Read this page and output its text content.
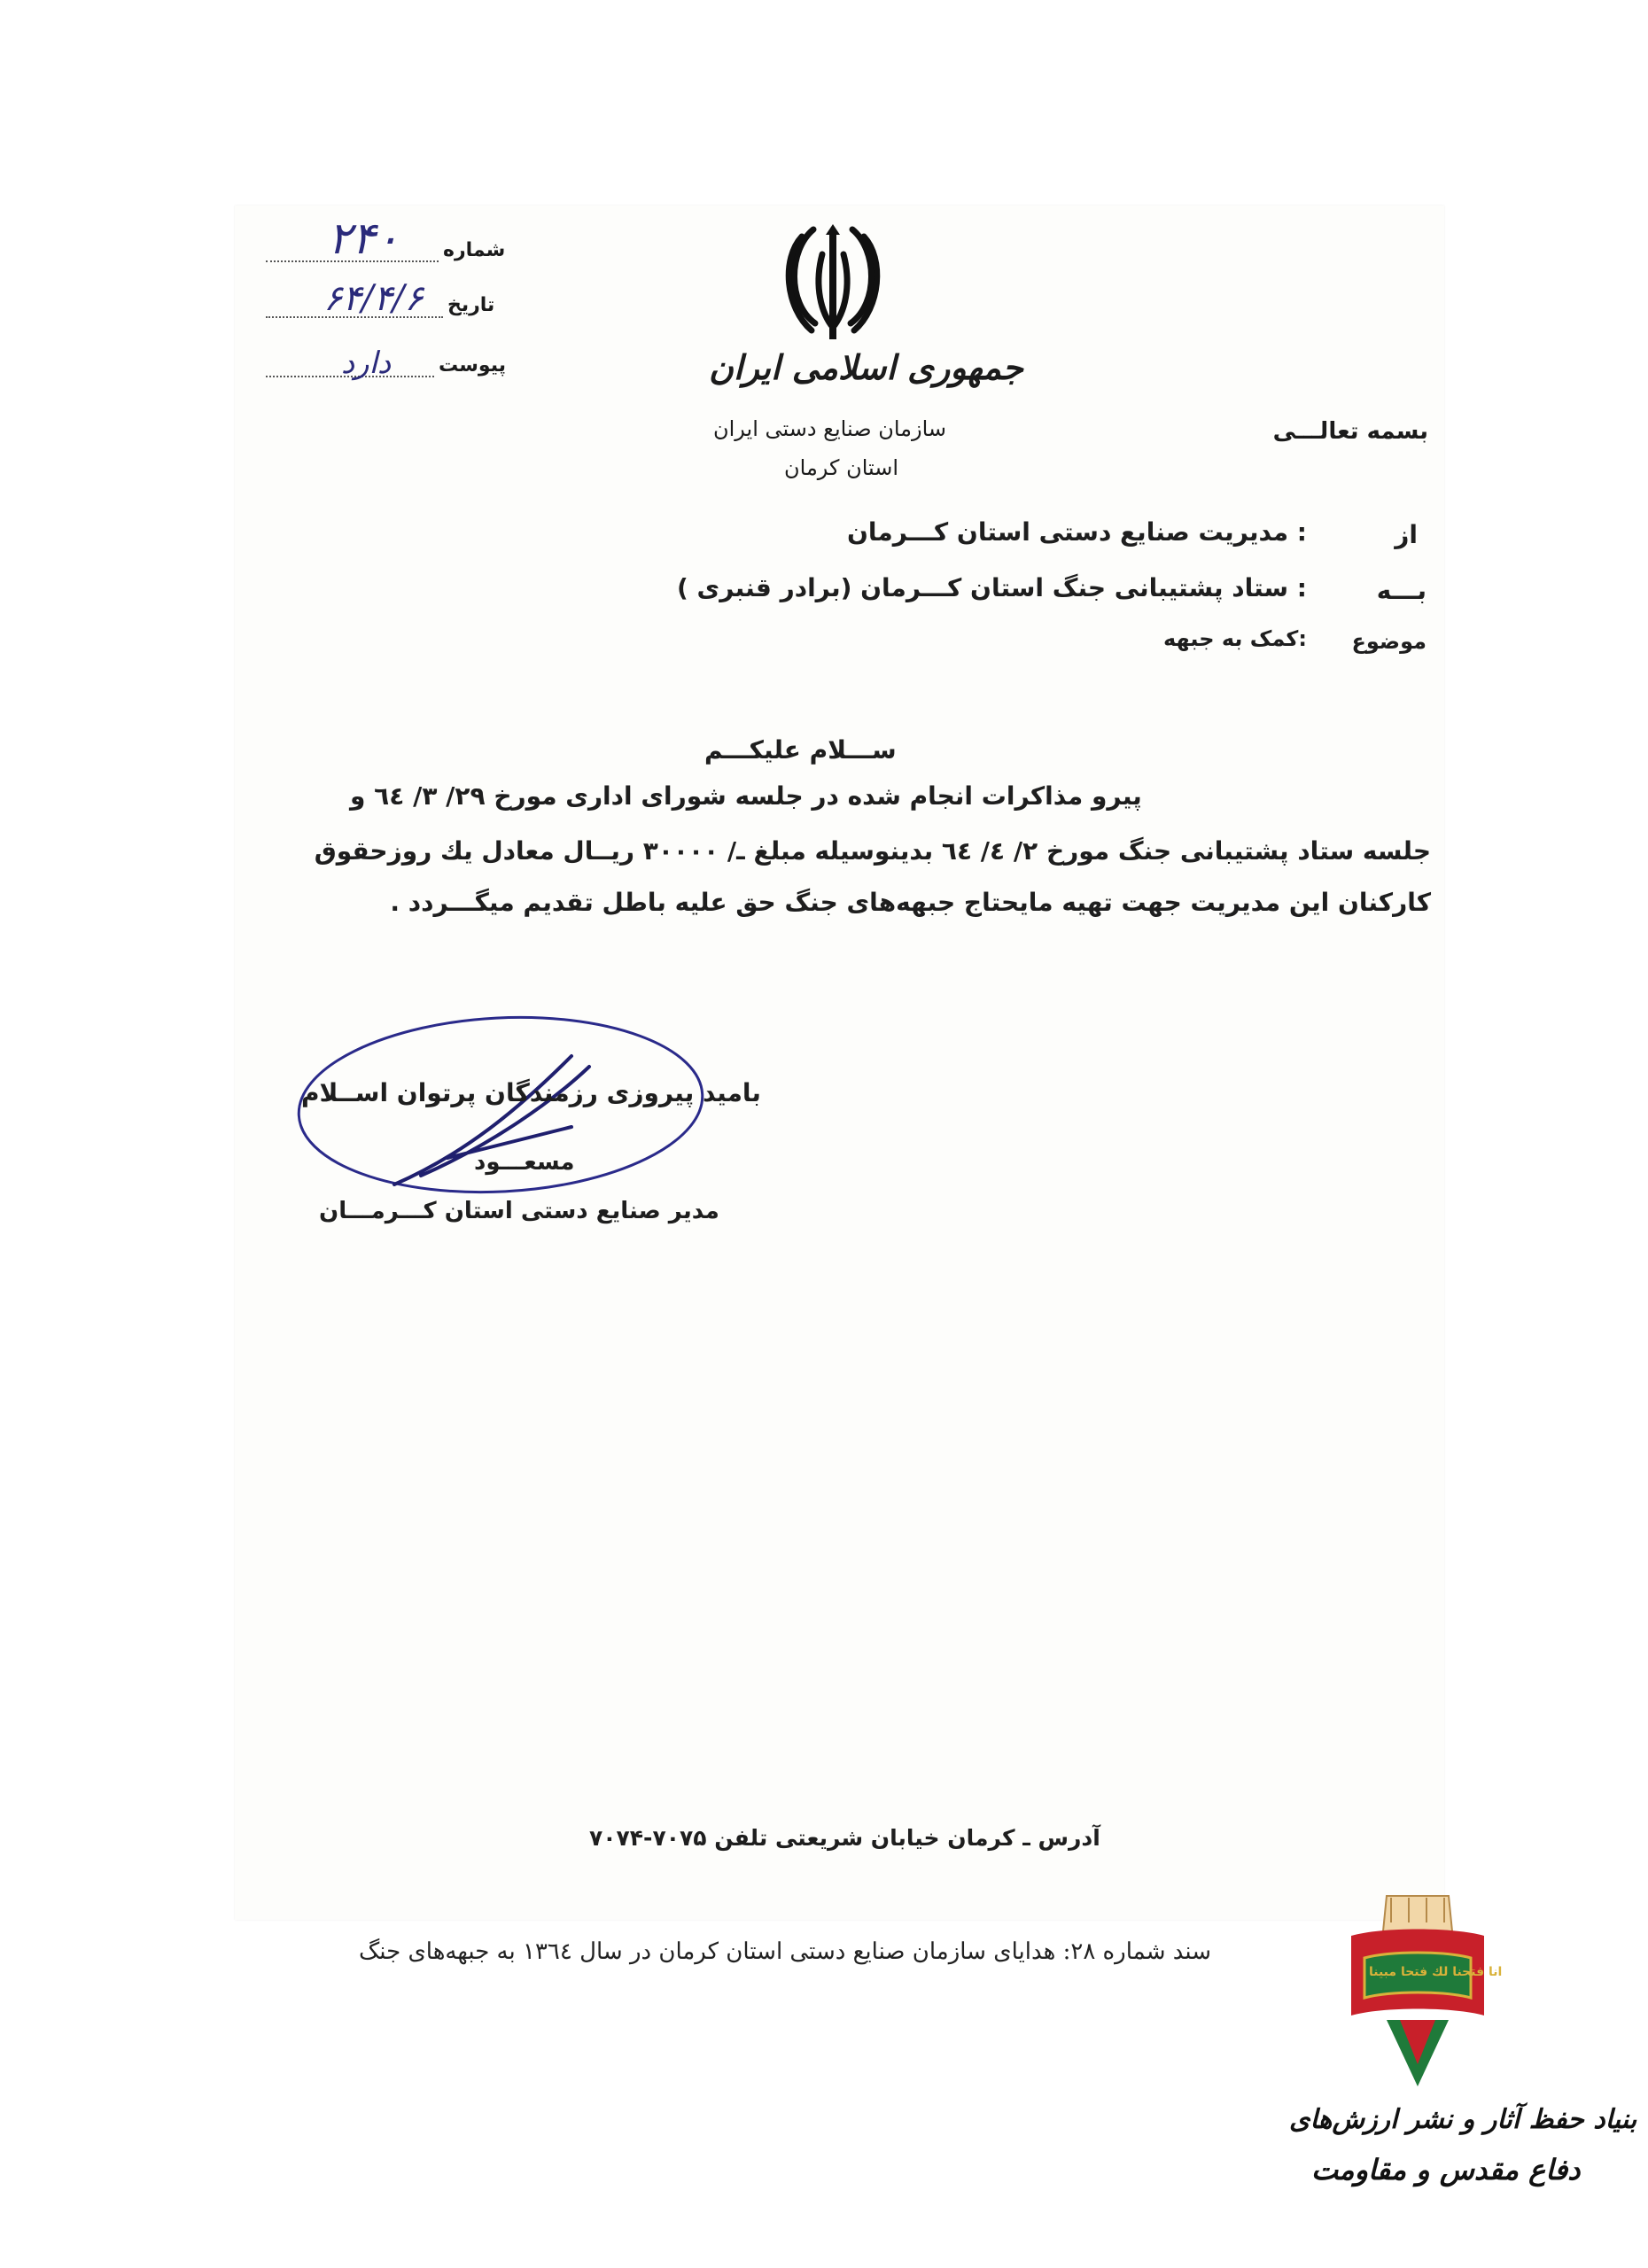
جمهوری اسلامی ایران
سازمان صنایع دستی ایران
استان کرمان
بسمه تعالـــی
شماره
۲۴۰
تاریخ
۶۴/۴/۶
پیوست
دارد
از
: مدیریت صنایع دستی استان کـــرمان
بـــه
: ستاد پشتیبانی جنگ استان کـــرمان (برادر قنبری )
موضوع
:کمک به جبهه
ســـلام علیکـــم
پیرو مذاکرات انجام شده در جلسه شورای اداری مورخ ۲۹/ ۳/ ٦٤ و
جلسه ستاد پشتیبانی جنگ مورخ ۲/ ٤/ ٦٤ بدینوسیله مبلغ ـ/ ۳۰۰۰۰ ریــال معادل یك روزحقوق
کارکنان این مدیریت جهت تهیه مایحتاج جبهه‌های جنگ حق علیه باطل تقدیم میگـــردد .
باميد پیروزی رزمندگان پرتوان اســلام
مسعـــود
مدیر صنایع دستی استان کـــرمـــان
آدرس ـ کرمان خیابان شریعتی تلفن ۷۰۷۵-۷۰۷۴
سند شماره ۲۸: هدایای سازمان صنایع دستی استان کرمان در سال ١٣٦٤ به جبهه‌های جنگ
انا فتحنا لك فتحا مبینا
بنیاد حفظ آثار و نشر ارزش‌های
دفاع مقدس و مقاومت
